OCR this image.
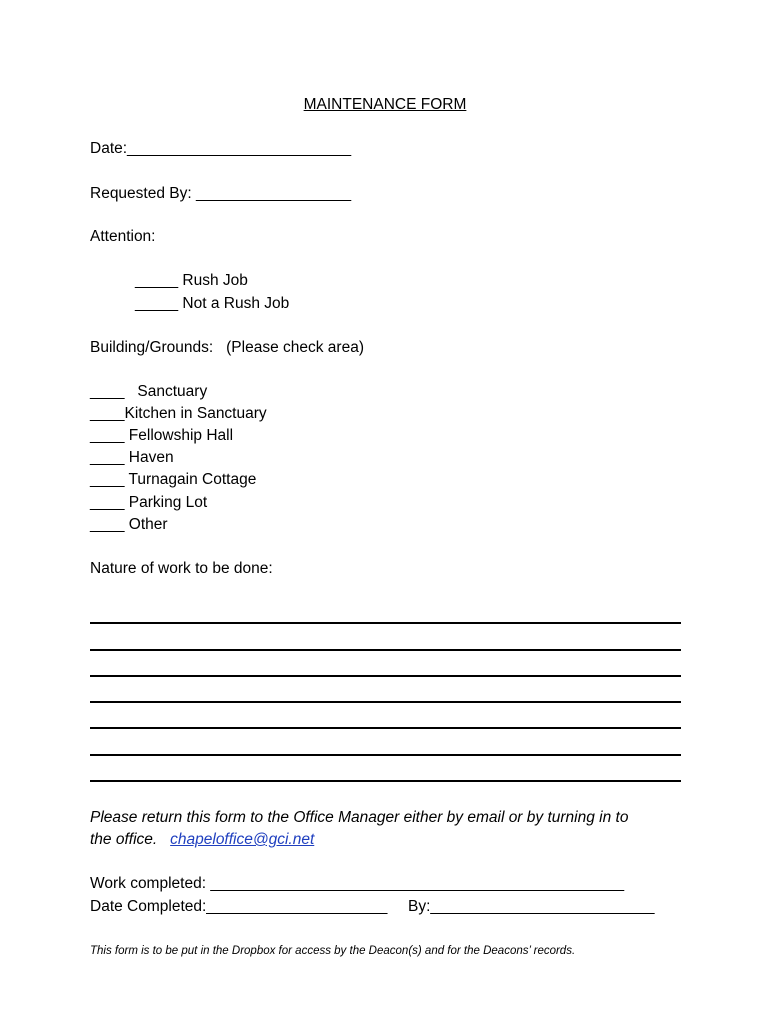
MAINTENANCE FORM
Date:__________________________
Requested By: __________________
Attention:
_____ Rush Job
_____ Not a Rush Job
Building/Grounds:   (Please check area)
____   Sanctuary
____Kitchen in Sanctuary
____ Fellowship Hall
____ Haven
____ Turnagain Cottage
____ Parking Lot
____ Other
Nature of work to be done:
Please return this form to the Office Manager either by email or by turning in to
the office. chapeloffice@gci.net
Work completed: ________________________________________________
Date Completed:_____________________ By:__________________________
This form is to be put in the Dropbox for access by the Deacon(s) and for the Deacons’ records.
